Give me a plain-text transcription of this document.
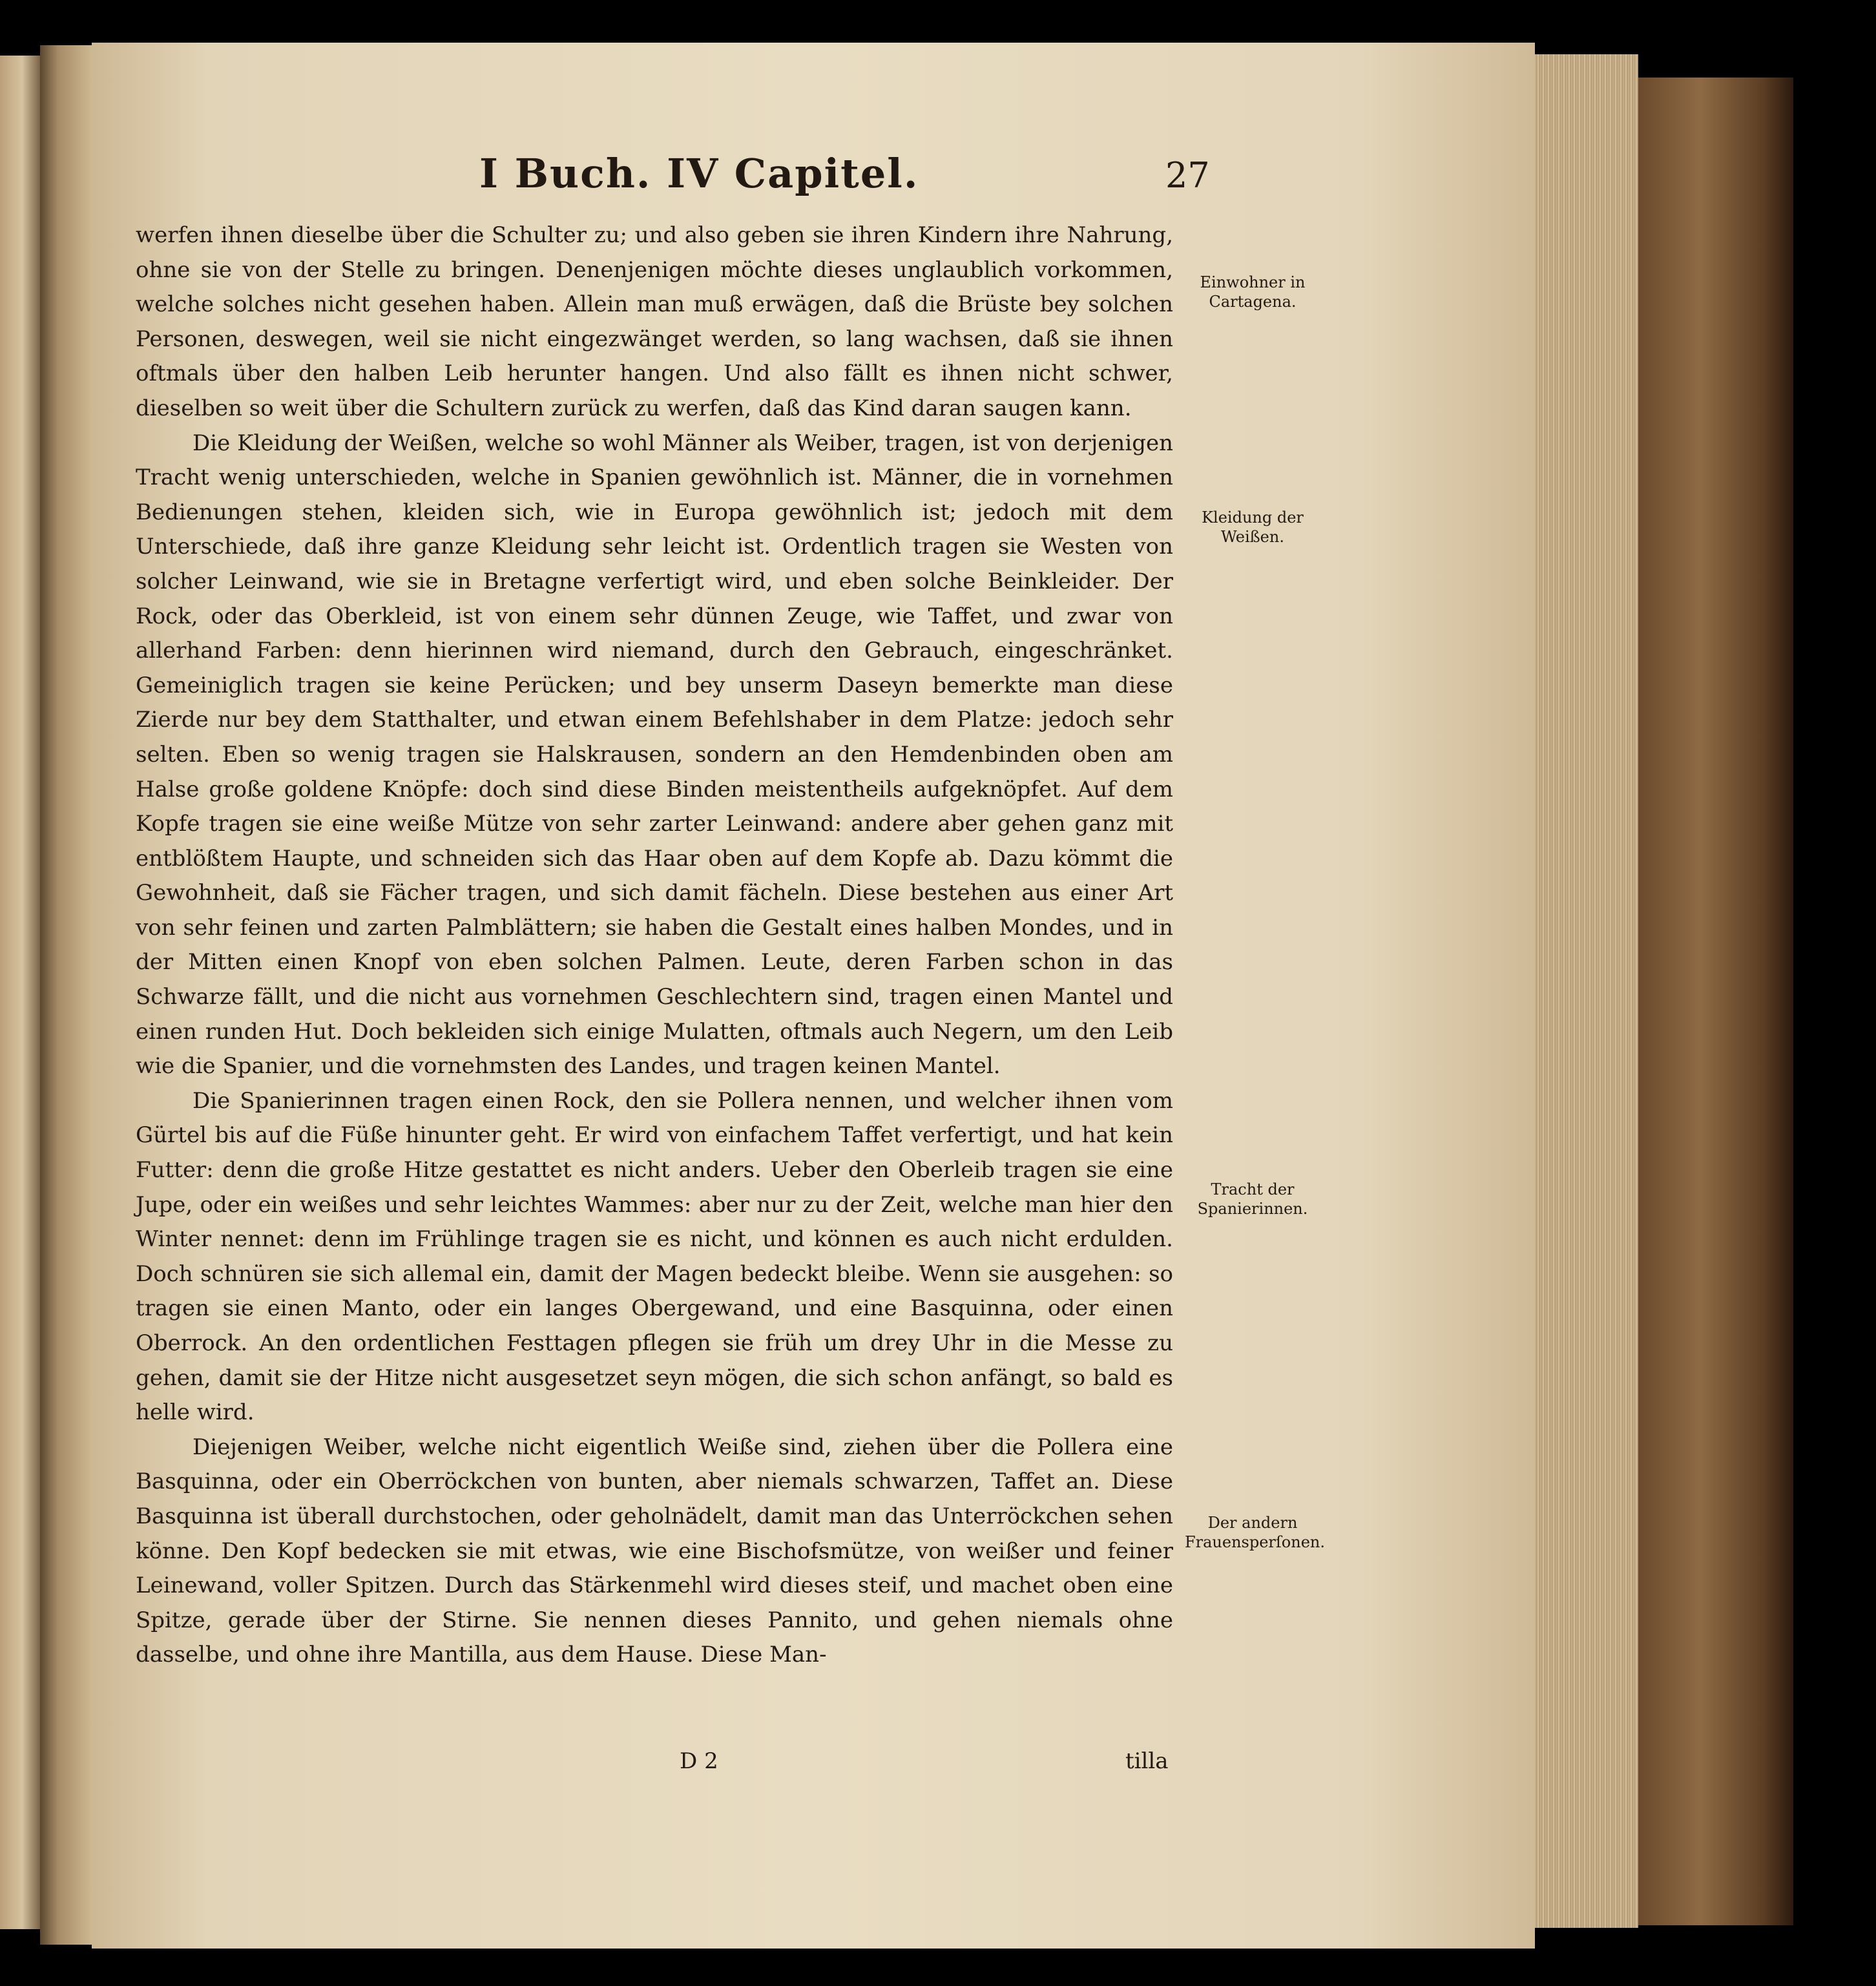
I Buch. IV Capitel.	27

werfen ihnen dieselbe über die Schulter zu; und also geben sie ihren Kindern ihre Nahrung, ohne sie von der Stelle zu bringen. Denenjenigen möchte dieses unglaublich vorkommen, welche solches nicht gesehen haben. Allein man muß erwägen, daß die Brüste bey solchen Personen, deswegen, weil sie nicht eingezwänget werden, so lang wachsen, daß sie ihnen oftmals über den halben Leib herunter hangen. Und also fällt es ihnen nicht schwer, dieselben so weit über die Schultern zurück zu werfen, daß das Kind daran saugen kann.

Die Kleidung der Weißen, welche so wohl Männer als Weiber, tragen, ist von derjenigen Tracht wenig unterschieden, welche in Spanien gewöhnlich ist. Männer, die in vornehmen Bedienungen stehen, kleiden sich, wie in Europa gewöhnlich ist; jedoch mit dem Unterschiede, daß ihre ganze Kleidung sehr leicht ist. Ordentlich tragen sie Westen von solcher Leinwand, wie sie in Bretagne verfertigt wird, und eben solche Beinkleider. Der Rock, oder das Oberkleid, ist von einem sehr dünnen Zeuge, wie Taffet, und zwar von allerhand Farben: denn hierinnen wird niemand, durch den Gebrauch, eingeschränket. Gemeiniglich tragen sie keine Perücken; und bey unserm Daseyn bemerkte man diese Zierde nur bey dem Statthalter, und etwan einem Befehlshaber in dem Platze: jedoch sehr selten. Eben so wenig tragen sie Halskrausen, sondern an den Hemdenbinden oben am Halse große goldene Knöpfe: doch sind diese Binden meistentheils aufgeknöpfet. Auf dem Kopfe tragen sie eine weiße Mütze von sehr zarter Leinwand: andere aber gehen ganz mit entblößtem Haupte, und schneiden sich das Haar oben auf dem Kopfe ab. Dazu kömmt die Gewohnheit, daß sie Fächer tragen, und sich damit fächeln. Diese bestehen aus einer Art von sehr feinen und zarten Palmblättern; sie haben die Gestalt eines halben Mondes, und in der Mitten einen Knopf von eben solchen Palmen. Leute, deren Farben schon in das Schwarze fällt, und die nicht aus vornehmen Geschlechtern sind, tragen einen Mantel und einen runden Hut. Doch bekleiden sich einige Mulatten, oftmals auch Negern, um den Leib wie die Spanier, und die vornehmsten des Landes, und tragen keinen Mantel.

Die Spanierinnen tragen einen Rock, den sie Pollera nennen, und welcher ihnen vom Gürtel bis auf die Füße hinunter geht. Er wird von einfachem Taffet verfertigt, und hat kein Futter: denn die große Hitze gestattet es nicht anders. Ueber den Oberleib tragen sie eine Jupe, oder ein weißes und sehr leichtes Wammes: aber nur zu der Zeit, welche man hier den Winter nennet: denn im Frühlinge tragen sie es nicht, und können es auch nicht erdulden. Doch schnüren sie sich allemal ein, damit der Magen bedeckt bleibe. Wenn sie ausgehen: so tragen sie einen Manto, oder ein langes Obergewand, und eine Basquinna, oder einen Oberrock. An den ordentlichen Festtagen pflegen sie früh um drey Uhr in die Messe zu gehen, damit sie der Hitze nicht ausgesetzet seyn mögen, die sich schon anfängt, so bald es helle wird.

Diejenigen Weiber, welche nicht eigentlich Weiße sind, ziehen über die Pollera eine Basquinna, oder ein Oberröckchen von bunten, aber niemals schwarzen, Taffet an. Diese Basquinna ist überall durchstochen, oder geholnädelt, damit man das Unterröckchen sehen könne. Den Kopf bedecken sie mit etwas, wie eine Bischofsmütze, von weißer und feiner Leinewand, voller Spitzen. Durch das Stärkenmehl wird dieses steif, und machet oben eine Spitze, gerade über der Stirne. Sie nennen dieses Pannito, und gehen niemals ohne dasselbe, und ohne ihre Mantilla, aus dem Hause. Diese Man-

Einwohner in Cartagena.
Kleidung der Weißen.
Tracht der Spanierinnen.
Der andern Frauensperſonen.
D 2	tilla
